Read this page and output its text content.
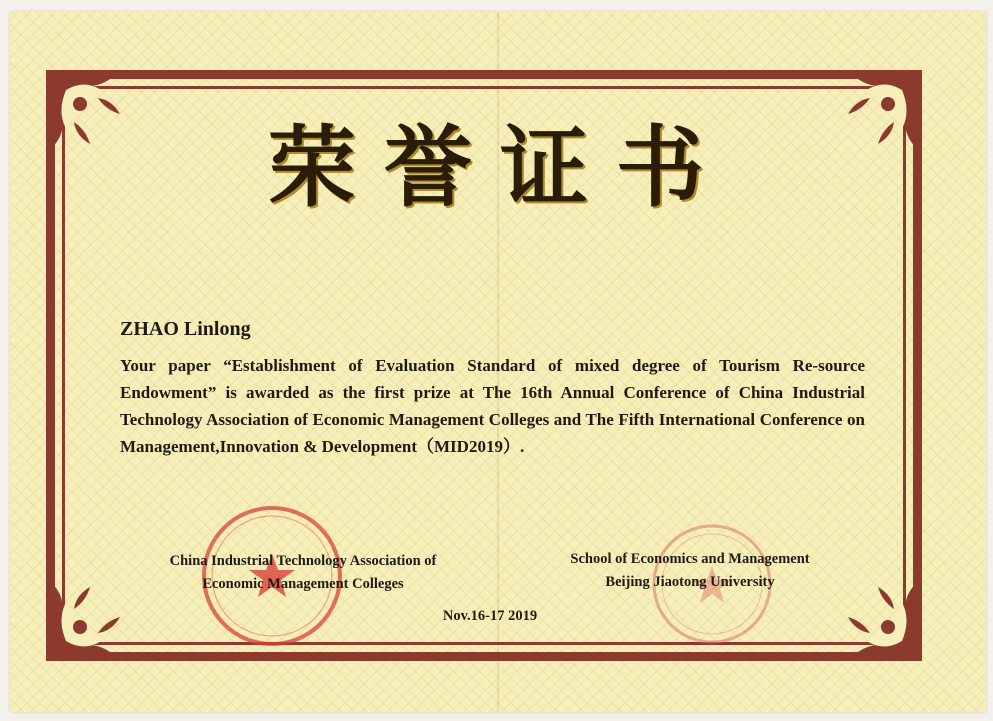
荣誉证书
ZHAO Linlong
Your paper “Establishment of Evaluation Standard of mixed degree of Tourism Re-source Endowment” is awarded as the first prize at The 16th Annual Conference of China Industrial Technology Association of Economic Management Colleges and The Fifth International Conference on Management,Innovation & Development（MID2019）.
China Industrial Technology Association of
Economic Management Colleges
School of Economics and Management
Beijing Jiaotong University
Nov.16-17 2019
